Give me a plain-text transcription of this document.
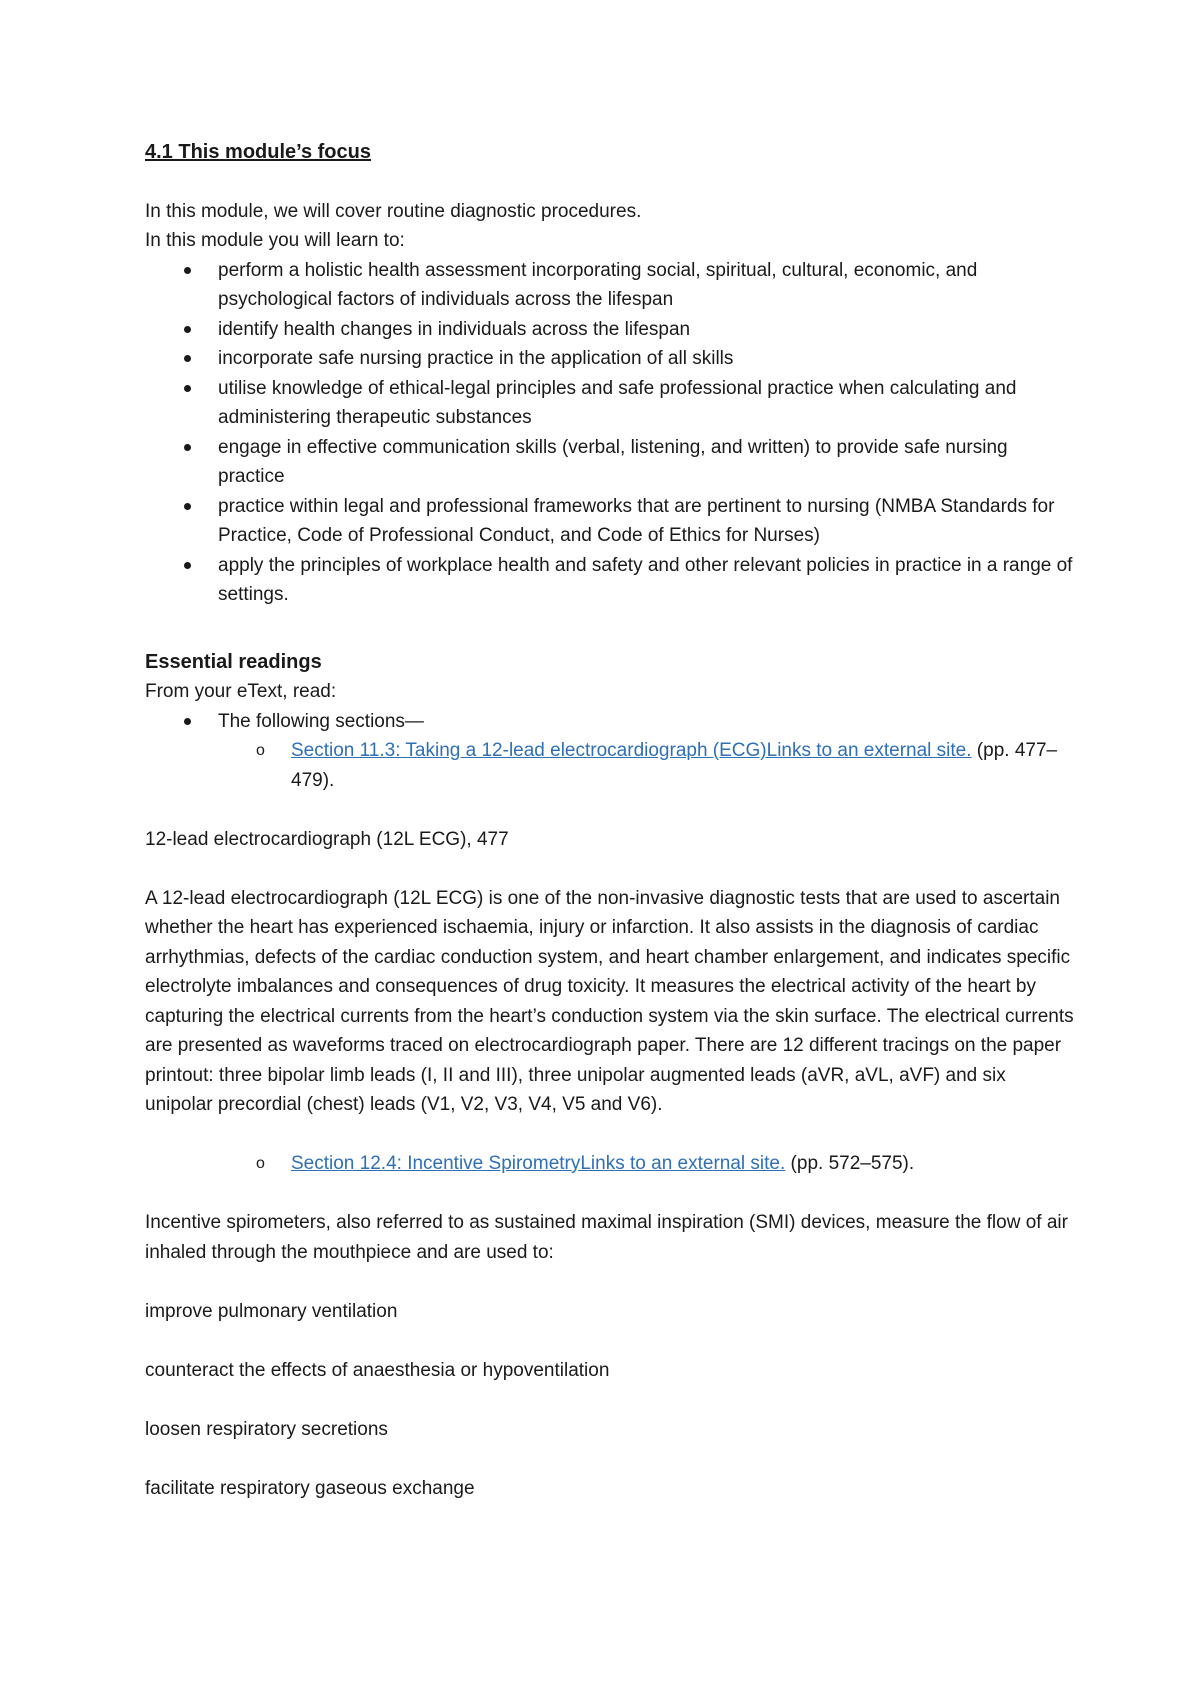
4.1 This module’s focus

In this module, we will cover routine diagnostic procedures.

In this module you will learn to:

perform a holistic health assessment incorporating social, spiritual, cultural, economic, and psychological factors of individuals across the lifespan
identify health changes in individuals across the lifespan
incorporate safe nursing practice in the application of all skills
utilise knowledge of ethical-legal principles and safe professional practice when calculating and administering therapeutic substances
engage in effective communication skills (verbal, listening, and written) to provide safe nursing practice
practice within legal and professional frameworks that are pertinent to nursing (NMBA Standards for Practice, Code of Professional Conduct, and Code of Ethics for Nurses)
apply the principles of workplace health and safety and other relevant policies in practice in a range of settings.

Essential readings

From your eText, read:

The following sections—
o Section 11.3: Taking a 12-lead electrocardiograph (ECG)Links to an external site. (pp. 477–479).

12-lead electrocardiograph (12L ECG), 477

A 12-lead electrocardiograph (12L ECG) is one of the non-invasive diagnostic tests that are used to ascertain whether the heart has experienced ischaemia, injury or infarction. It also assists in the diagnosis of cardiac arrhythmias, defects of the cardiac conduction system, and heart chamber enlargement, and indicates specific electrolyte imbalances and consequences of drug toxicity. It measures the electrical activity of the heart by capturing the electrical currents from the heart’s conduction system via the skin surface. The electrical currents are presented as waveforms traced on electrocardiograph paper. There are 12 different tracings on the paper printout: three bipolar limb leads (I, II and III), three unipolar augmented leads (aVR, aVL, aVF) and six unipolar precordial (chest) leads (V1, V2, V3, V4, V5 and V6).

o Section 12.4: Incentive SpirometryLinks to an external site. (pp. 572–575).

Incentive spirometers, also referred to as sustained maximal inspiration (SMI) devices, measure the flow of air inhaled through the mouthpiece and are used to:

improve pulmonary ventilation

counteract the effects of anaesthesia or hypoventilation

loosen respiratory secretions

facilitate respiratory gaseous exchange
